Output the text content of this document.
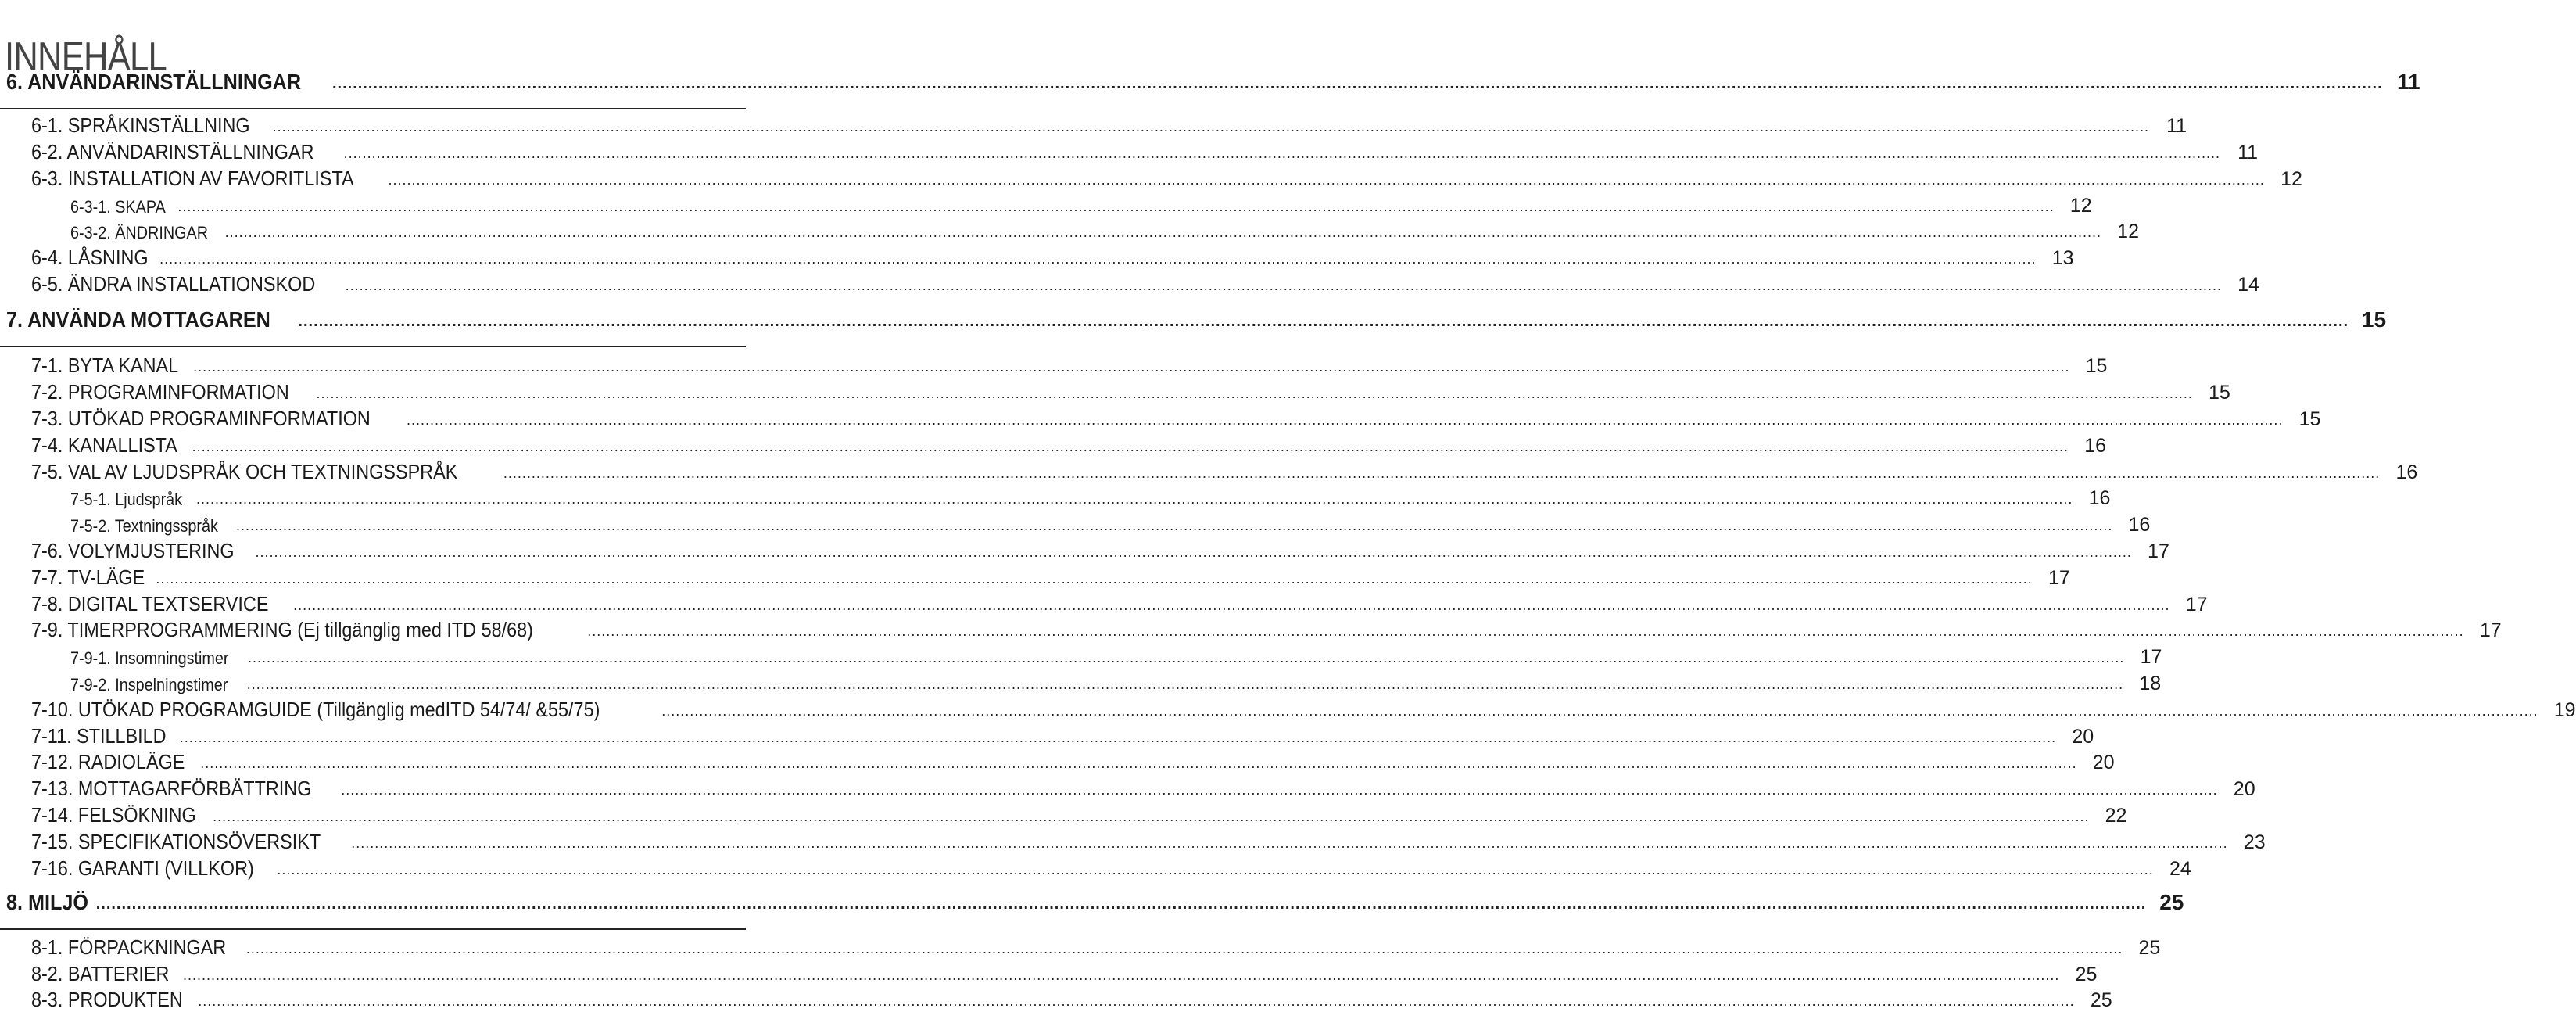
INNEHÅLL
6. ANVÄNDARINSTÄLLNINGAR ................................................................................................................................................................................................................................................................................................................................................................................................................ 11
6-1. SPRÅKINSTÄLLNING ................................................................................................................................................................................................................................................................................................................................................................................................................ 11
6-2. ANVÄNDARINSTÄLLNINGAR ................................................................................................................................................................................................................................................................................................................................................................................................................ 11
6-3. INSTALLATION AV FAVORITLISTA ................................................................................................................................................................................................................................................................................................................................................................................................................ 12
6-3-1. SKAPA ................................................................................................................................................................................................................................................................................................................................................................................................................ 12
6-3-2. ÄNDRINGAR ................................................................................................................................................................................................................................................................................................................................................................................................................ 12
6-4. LÅSNING ................................................................................................................................................................................................................................................................................................................................................................................................................ 13
6-5. ÄNDRA INSTALLATIONSKOD ................................................................................................................................................................................................................................................................................................................................................................................................................ 14
7. ANVÄNDA MOTTAGAREN ................................................................................................................................................................................................................................................................................................................................................................................................................ 15
7-1. BYTA KANAL ................................................................................................................................................................................................................................................................................................................................................................................................................ 15
7-2. PROGRAMINFORMATION ................................................................................................................................................................................................................................................................................................................................................................................................................ 15
7-3. UTÖKAD PROGRAMINFORMATION	................................................................................................................................................................................................................................................................................................................................................................................................................ 15
7-4. KANALLISTA ................................................................................................................................................................................................................................................................................................................................................................................................................ 16
7-5. VAL AV LJUDSPRÅK OCH TEXTNINGSSPRÅK	................................................................................................................................................................................................................................................................................................................................................................................................................ 16
7-5-1. Ljudspråk ................................................................................................................................................................................................................................................................................................................................................................................................................ 16
7-5-2. Textningsspråk ................................................................................................................................................................................................................................................................................................................................................................................................................ 16
7-6. VOLYMJUSTERING ................................................................................................................................................................................................................................................................................................................................................................................................................ 17
7-7. TV-LÄGE ................................................................................................................................................................................................................................................................................................................................................................................................................ 17
7-8. DIGITAL TEXTSERVICE ................................................................................................................................................................................................................................................................................................................................................................................................................ 17
7-9. TIMERPROGRAMMERING (Ej tillgänglig med ITD 58/68)	................................................................................................................................................................................................................................................................................................................................................................................................................ 17
7-9-1. Insomningstimer ................................................................................................................................................................................................................................................................................................................................................................................................................ 17
7-9-2. Inspelningstimer ................................................................................................................................................................................................................................................................................................................................................................................................................ 18
7-10. UTÖKAD PROGRAMGUIDE (Tillgänglig medITD 54/74/ &55/75)	................................................................................................................................................................................................................................................................................................................................................................................................................ 19
7-11. STILLBILD ................................................................................................................................................................................................................................................................................................................................................................................................................ 20
7-12. RADIOLÄGE ................................................................................................................................................................................................................................................................................................................................................................................................................ 20
7-13. MOTTAGARFÖRBÄTTRING ................................................................................................................................................................................................................................................................................................................................................................................................................ 20
7-14. FELSÖKNING ................................................................................................................................................................................................................................................................................................................................................................................................................ 22
7-15. SPECIFIKATIONSÖVERSIKT ................................................................................................................................................................................................................................................................................................................................................................................................................ 23
7-16. GARANTI (VILLKOR) ................................................................................................................................................................................................................................................................................................................................................................................................................ 24
8. MILJÖ ................................................................................................................................................................................................................................................................................................................................................................................................................ 25
8-1. FÖRPACKNINGAR ................................................................................................................................................................................................................................................................................................................................................................................................................ 25
8-2. BATTERIER ................................................................................................................................................................................................................................................................................................................................................................................................................ 25
8-3. PRODUKTEN ................................................................................................................................................................................................................................................................................................................................................................................................................ 25
